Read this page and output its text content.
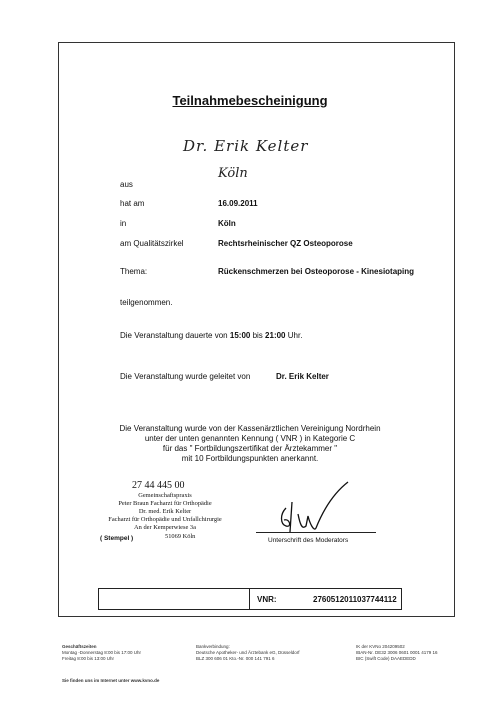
Teilnahmebescheinigung
Dr. Erik Kelter
aus
Köln
hat am	16.09.2011
in	Köln
am Qualitätszirkel	Rechtsrheinischer QZ Osteoporose
Thema:	Rückenschmerzen bei Osteoporose - Kinesiotaping
teilgenommen.
Die Veranstaltung dauerte von 15:00 bis 21:00 Uhr.
Die Veranstaltung wurde geleitet von	Dr. Erik Kelter
Die Veranstaltung wurde von der Kassenärztlichen Vereinigung Nordrhein
unter der unten genannten Kennung ( VNR ) in Kategorie C
für das " Fortbildungszertifikat der Ärztekammer "
mit 10 Fortbildungspunkten anerkannt.
27 44 445 00
Gemeinschaftspraxis
Peter Braun Facharzt für Orthopädie
Dr. med. Erik Kelter
Facharzt für Orthopädie und Unfallchirurgie
An der Kemperwiese 3a
( Stempel )	51069 Köln
Unterschrift des Moderators
VNR:	2760512011037744112
Geschäftszeiten
Montag -Donnerstag 8:00 bis 17:00 Uhr
Freitag 8:00 bis 13:00 Uhr
Bankverbindung:
Deutsche Apotheker- und Ärztebank eG, Düsseldorf
BLZ 300 606 01 Kto.-Nr. 000 141 791 6
IK der KVNo 204209502
IBAN-Nr. DE32 3006 0601 0001 4179 16
BIC (Swift Code) DAAEDEDD
Sie finden uns im Internet unter www.kvno.de
